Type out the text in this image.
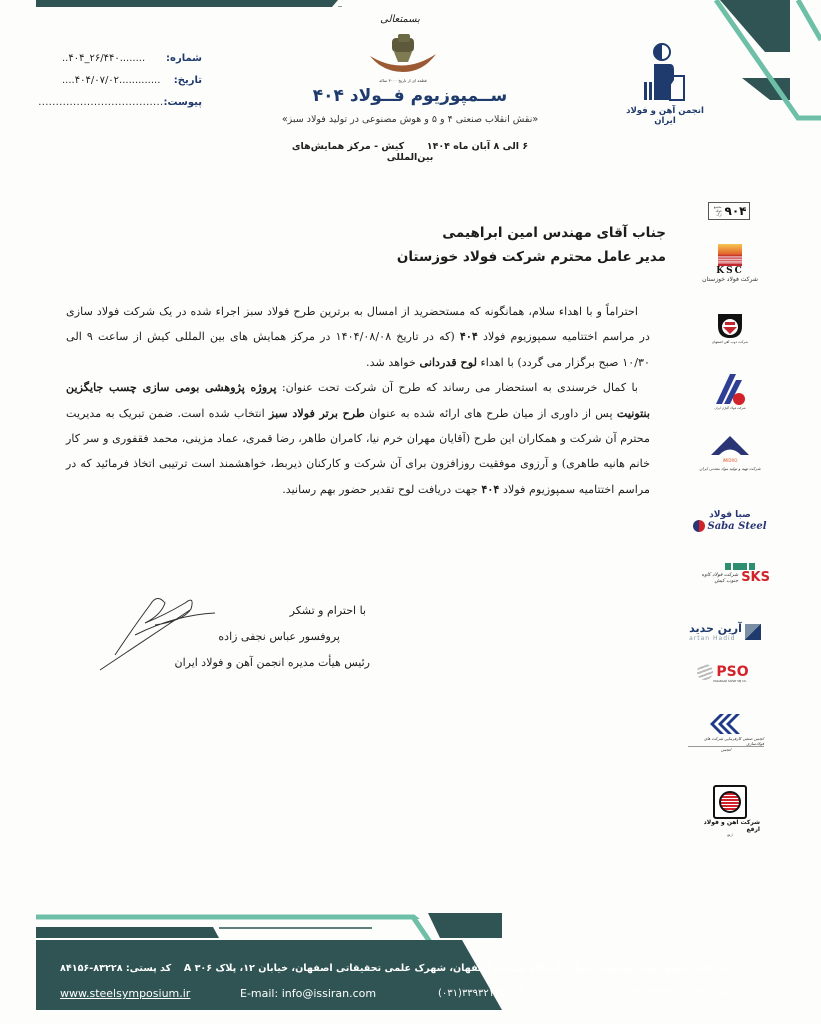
شماره:
..۴۰۴_۲۶/۴۴۰........
تاریخ:
....۴۰۴/۰۷/۰۲.............
پیوست:
....................................
بسمتعالی
قطعه ای از تاریخ ۳۰۰۰ ساله
ســمپوزیوم فــولاد ۴۰۴
«نقش انقلاب صنعتی ۴ و ۵ و هوش مصنوعی در تولید فولاد سبز»
۶ الی ۸ آبان ماه ۱۴۰۴  کیش - مرکز همایش‌های بین‌المللی
انجمن آهن و فولاد ایران
جناب آقای مهندس امین ابراهیمی
مدیر عامل محترم شرکت فولاد خوزستان

احتراماً و با اهداء سلام، همانگونه که مستحضرید از امسال به برترین طرح فولاد سبز اجراء شده در یک شرکت فولاد سازی در مراسم اختتامیه سمپوزیوم فولاد ۴۰۴ (که در تاریخ ۱۴۰۴/۰۸/۰۸ در مرکز همایش های بین المللی کیش از ساعت ۹ الی ۱۰/۳۰ صبح برگزار می گردد) با اهداء لوح قدردانی خواهد شد.

با کمال خرسندی به استحضار می رساند که طرح آن شرکت تحت عنوان: پروژه پژوهشی بومی سازی چسب جایگزین بنتونیت پس از داوری از میان طرح های ارائه شده به عنوان طرح برتر فولاد سبز انتخاب شده است. ضمن تبریک به مدیریت محترم آن شرکت و همکاران این طرح (آقایان مهران خرم نیا، کامران طاهر، رضا قمری، عماد مزینی، محمد فقفوری و سر کار خانم هانیه طاهری) و آرزوی موفقیت روزافزون برای آن شرکت و کارکنان ذیربط، خواهشمند است ترتیبی اتخاذ فرمائید که در مراسم اختتامیه سمپوزیوم فولاد ۴۰۴ جهت دریافت لوح تقدیر حضور بهم رسانید.

با احترام و تشکر
پروفسور عباس نجفی زاده
رئیس هیأت مدیره انجمن آهن و فولاد ایران
مجتمع فولاد ارگ ۹۰۴
KSC
شرکت فولاد خوزستان
شرکت ذوب آهن اصفهان
شرکت فولاد آلیاژی ایران
IMIDRO
شرکت تهیه و تولید مواد معدنی ایران
صبا فولاد
Saba Steel
SKS
شرکت فولاد کاوه جنوب کیش
آرین حدید
artan Hadid
PSO
PASARGAD SAMAT SEJ CO.
انجمن صنفی کارفرمایی شرکت های فولادسازی
انجمن
شرکت آهن و فولاد ارفع
ارفع
دبیرخانه سمپوزیوم: اصفهان، بلوار دانشگاه صنعتی اصفهان، شهرک علمی تحقیقاتی اصفهان، خیابان ۱۲، پلاک A ۳۰۶
کد پستی: ۸۳۲۲۸-۸۴۱۵۶
تلفن: ۲۴-۳۳۹۳۲۱۲۱(۰۳۱)
دورنگار: ۳۳۹۳۲۱۲۵(۰۳۱)
E-mail: info@issiran.com
www.steelsymposium.ir
